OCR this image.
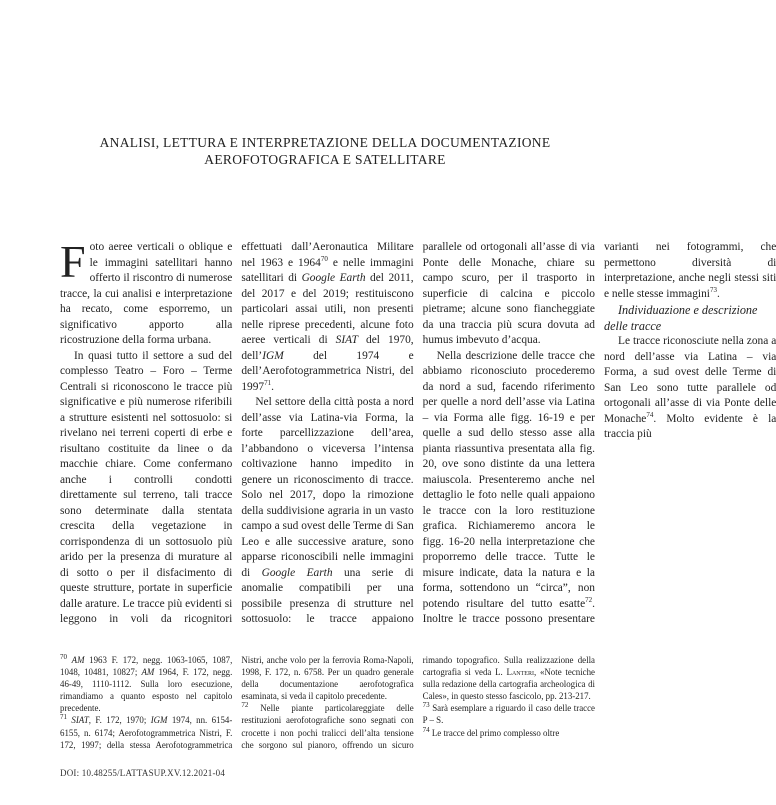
ANALISI, LETTURA E INTERPRETAZIONE DELLA DOCUMENTAZIONE
AEROFOTOGRAFICA E SATELLITARE

Foto aeree verticali o oblique e le immagini satellitari hanno offerto il riscontro di numerose tracce, la cui analisi e interpretazione ha recato, come esporremo, un significativo apporto alla ricostruzione della forma urbana.

In quasi tutto il settore a sud del complesso Teatro – Foro – Terme Centrali si riconoscono le tracce più significative e più numerose riferibili a strutture esistenti nel sottosuolo: si rivelano nei terreni coperti di erbe e risultano costituite da linee o da macchie chiare. Come confermano anche i controlli condotti direttamente sul terreno, tali tracce sono determinate dalla stentata crescita della vegetazione in corrispondenza di un sottosuolo più arido per la presenza di murature al di sotto o per il disfacimento di queste strutture, portate in superficie dalle arature. Le tracce più evidenti si leggono in voli da ricognitori effettuati dall’Aeronautica Militare nel 1963 e 1964$^{70}$ e nelle immagini satellitari di Google Earth del 2011, del 2017 e del 2019; restituiscono particolari assai utili, non presenti nelle riprese precedenti, alcune foto aeree verticali di SIAT del 1970, dell’IGM del 1974 e dell’Aerofotogrammetrica Nistri, del 1997$^{71}$.

Nel settore della città posta a nord dell’asse via Latina-via Forma, la forte parcellizzazione dell’area, l’abbandono o viceversa l’intensa coltivazione hanno impedito in genere un riconoscimento di tracce. Solo nel 2017, dopo la rimozione della suddivisione agraria in un vasto campo a sud ovest delle Terme di San Leo e alle successive arature, sono apparse riconoscibili nelle immagini di Google Earth una serie di anomalie compatibili per una possibile presenza di strutture nel sottosuolo: le tracce appaiono parallele od ortogonali all’asse di via Ponte delle Monache, chiare su campo scuro, per il trasporto in superficie di calcina e piccolo pietrame; alcune sono fiancheggiate da una traccia più scura dovuta ad humus imbevuto d’acqua.

Nella descrizione delle tracce che abbiamo riconosciuto procederemo da nord a sud, facendo riferimento per quelle a nord dell’asse via Latina – via Forma alle figg. 16-19 e per quelle a sud dello stesso asse alla pianta riassuntiva presentata alla fig. 20, ove sono distinte da una lettera maiuscola. Presenteremo anche nel dettaglio le foto nelle quali appaiono le tracce con la loro restituzione grafica. Richiameremo ancora le figg. 16-20 nella interpretazione che proporremo delle tracce. Tutte le misure indicate, data la natura e la forma, sottendono un “circa”, non potendo risultare del tutto esatte$^{72}$. Inoltre le tracce possono presentare varianti nei fotogrammi, che permettono diversità di interpretazione, anche negli stessi siti e nelle stesse immagini$^{73}$.

Individuazione e descrizione delle tracce

Le tracce riconosciute nella zona a nord dell’asse via Latina – via Forma, a sud ovest delle Terme di San Leo sono tutte parallele od ortogonali all’asse di via Ponte delle Monache$^{74}$. Molto evidente è la traccia più

$^{70}$ AM 1963 F. 172, negg. 1063-1065, 1087, 1048, 10481, 10827; AM 1964, F. 172, negg. 46-49, 1110-1112. Sulla loro esecuzione, rimandiamo a quanto esposto nel capitolo precedente.

$^{71}$ SIAT, F. 172, 1970; IGM 1974, nn. 6154-6155, n. 6174; Aerofotogrammetrica Nistri, F. 172, 1997; della stessa Aerofotogrammetrica Nistri, anche volo per la ferrovia Roma-Napoli, 1998, F. 172, n. 6758. Per un quadro generale della documentazione aerofotografica esaminata, si veda il capitolo precedente.

$^{72}$ Nelle piante particolareggiate delle restituzioni aerofotografiche sono segnati con crocette i non pochi tralicci dell’alta tensione che sorgono sul pianoro, offrendo un sicuro rimando topografico. Sulla realizzazione della cartografia si veda L. Lanteri, «Note tecniche sulla redazione della cartografia archeologica di Cales», in questo stesso fascicolo, pp. 213-217.

$^{73}$ Sarà esemplare a riguardo il caso delle tracce P – S.

$^{74}$ Le tracce del primo complesso oltre

DOI: 10.48255/LATTASUP.XV.12.2021-04
